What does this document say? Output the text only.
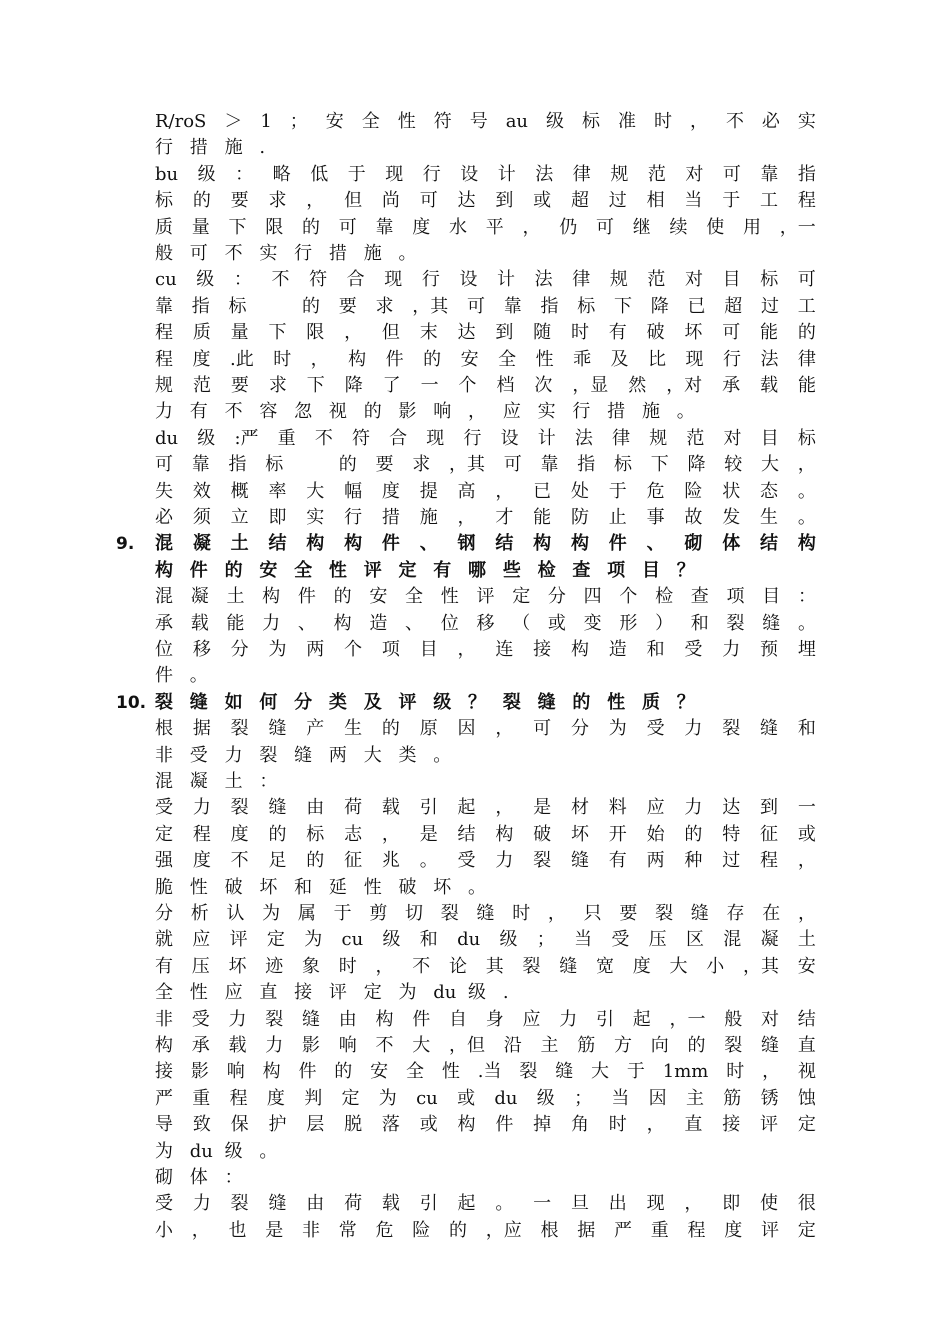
R/roS ＞ 1 ； 安 全 性 符 号 au 级 标 准 时 ， 不 必 实
行 措 施 .
bu 级 ： 略 低 于 现 行 设 计 法 律 规 范 对 可 靠 指
标 的 要 求 ， 但 尚 可 达 到 或 超 过 相 当 于 工 程
质 量 下 限 的 可 靠 度 水 平 ， 仍 可 继 续 使 用 ，一
般 可 不 实 行 措 施 。
cu 级 ： 不 符 合 现 行 设 计 法 律 规 范 对 目 标 可
靠 指 标
　	的 要 求 ，其 可 靠 指 标 下 降 已 超 过 工
程 质 量 下 限 ， 但 末 达 到 随 时 有 破 坏 可 能 的
程 度 .此 时 ， 构 件 的 安 全 性 乖 及 比 现 行 法 律
规 范 要 求 下 降 了 一 个 档 次 ，显 然 ，对 承 载 能
力 有 不 容 忽 视 的 影 响 ， 应 实 行 措 施 。
du 级 :严 重 不 符 合 现 行 设 计 法 律 规 范 对 目 标
可 靠 指 标
　	的 要 求 ，其 可 靠 指 标 下 降 较 大 ，
失 效 概 率 大 幅 度 提 高 ， 已 处 于 危 险 状 态 。
必 须 立 即 实 行 措 施 ， 才 能 防 止 事 故 发 生 。
9. 混 凝 土 结 构 构 件 、 钢 结 构 构 件 、 砌 体 结 构
构 件 的 安 全 性 评 定 有 哪 些 检 查 项 目 ？
混 凝 土 构 件 的 安 全 性 评 定 分 四 个 检 查 项 目 ：
承 载 能 力 、 构 造 、 位 移 （ 或 变 形 ） 和 裂 缝 。
位 移 分 为 两 个 项 目 ， 连 接 构 造 和 受 力 预 埋
件 。
10. 裂 缝 如 何 分 类 及 评 级 ？ 裂 缝 的 性 质 ？
根 据 裂 缝 产 生 的 原 因 ， 可 分 为 受 力 裂 缝 和
非 受 力 裂 缝 两 大 类 。
混 凝 土 ：
受 力 裂 缝 由 荷 载 引 起 ， 是 材 料 应 力 达 到 一
定 程 度 的 标 志 ， 是 结 构 破 坏 开 始 的 特 征 或
强 度 不 足 的 征 兆 。 受 力 裂 缝 有 两 种 过 程 ，
脆 性 破 坏 和 延 性 破 坏 。
分 析 认 为 属 于 剪 切 裂 缝 时 ， 只 要 裂 缝 存 在 ，
就 应 评 定 为 cu 级 和 du 级 ； 当 受 压 区 混 凝 土
有 压 坏 迹 象 时 ， 不 论 其 裂 缝 宽 度 大 小 ，其 安
全 性 应 直 接 评 定 为 du 级 .
非 受 力 裂 缝 由 构 件 自 身 应 力 引 起 ，一 般 对 结
构 承 载 力 影 响 不 大 ，但 沿 主 筋 方 向 的 裂 缝 直
接 影 响 构 件 的 安 全 性 .当 裂 缝 大 于 1mm 时 ， 视
严 重 程 度 判 定 为 cu 或 du 级 ； 当 因 主 筋 锈 蚀
导 致 保 护 层 脱 落 或 构 件 掉 角 时 ， 直 接 评 定
为 du 级 。
砌 体 ：
受 力 裂 缝 由 荷 载 引 起 。 一 旦 出 现 ， 即 使 很
小 ， 也 是 非 常 危 险 的 ，应 根 据 严 重 程 度 评 定
